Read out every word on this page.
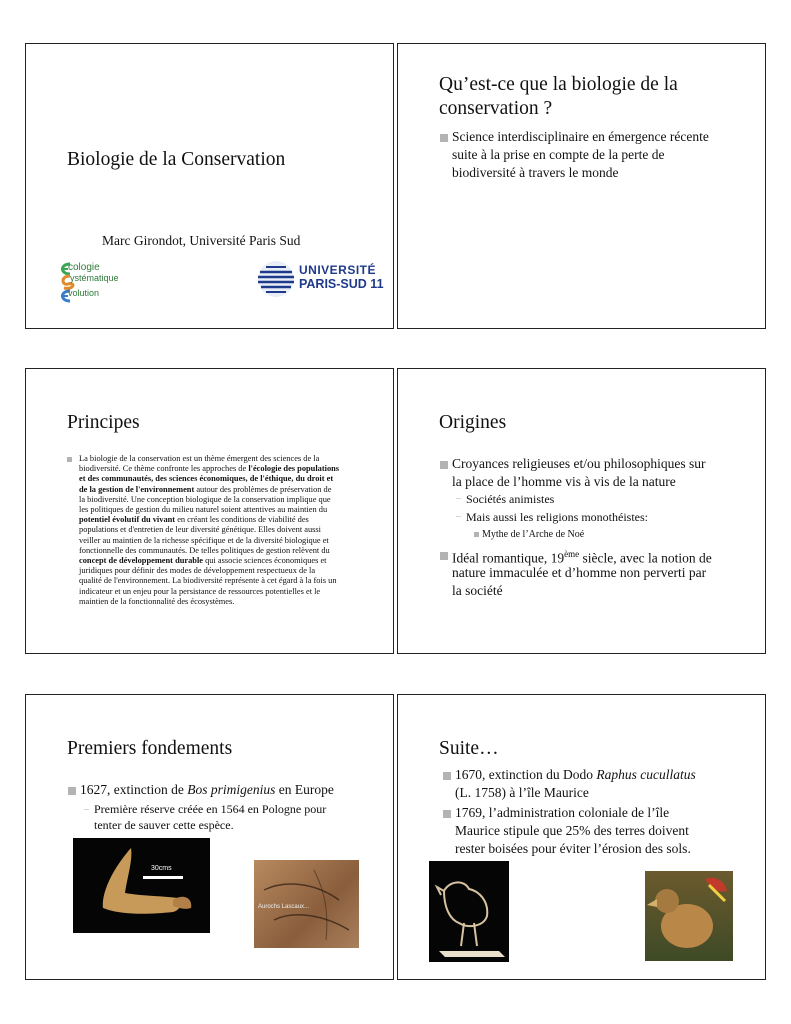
Biologie de la Conservation
Marc Girondot, Université Paris Sud
cologie
ystématique
volution
UNIVERSITÉ
PARIS-SUD 11
Qu’est-ce que la biologie de la
conservation ?
Science interdisciplinaire en émergence récente
suite à la prise en compte de la perte de
biodiversité à travers le monde
Principes
La biologie de la conservation est un thème émergent des sciences de la
biodiversité. Ce thème confronte les approches de l'écologie des populations
et des communautés, des sciences économiques, de l'éthique, du droit et
de la gestion de l'environnement autour des problèmes de préservation de
la biodiversité. Une conception biologique de la conservation implique que
les politiques de gestion du milieu naturel soient attentives au maintien du
potentiel évolutif du vivant en créant les conditions de viabilité des
populations et d'entretien de leur diversité génétique. Elles doivent aussi
veiller au maintien de la richesse spécifique et de la diversité biologique et
fonctionnelle des communautés. De telles politiques de gestion relèvent du
concept de développement durable qui associe sciences économiques et
juridiques pour définir des modes de développement respectueux de la
qualité de l'environnement. La biodiversité représente à cet égard à la fois un
indicateur et un enjeu pour la persistance de ressources potentielles et le
maintien de la fonctionnalité des écosystèmes.
Origines
Croyances religieuses et/ou philosophiques sur
la place de l’homme vis à vis de la nature
– Sociétés animistes
– Mais aussi les religions monothéistes:
Mythe de l’Arche de Noé
Idéal romantique, 19ème siècle, avec la notion de
nature immaculée et d’homme non perverti par
la société
Premiers fondements
1627, extinction de Bos primigenius en Europe
– Première réserve créée en 1564 en Pologne pour
tenter de sauver cette espèce.
30cms
Aurochs Lascaux...
Suite…
1670, extinction du Dodo Raphus cucullatus
(L. 1758) à l’île Maurice
1769, l’administration coloniale de l’île
Maurice stipule que 25% des terres doivent
rester boisées pour éviter l’érosion des sols.
